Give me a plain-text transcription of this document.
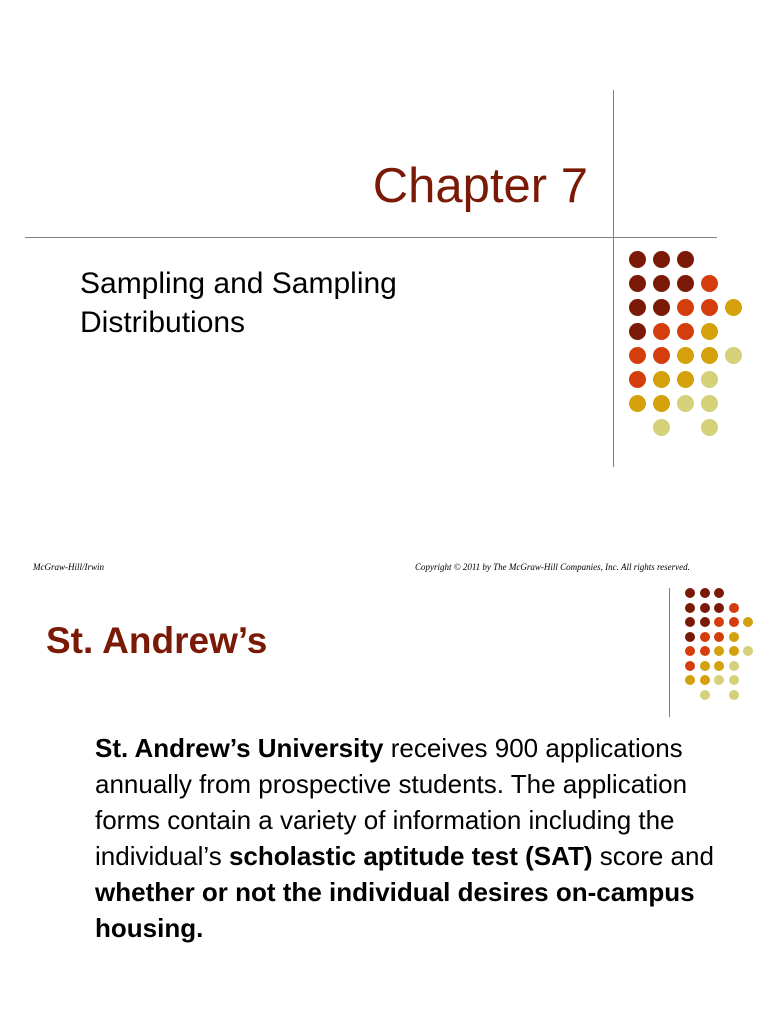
Chapter 7

Sampling and Sampling Distributions

McGraw-Hill/Irwin	Copyright © 2011 by The McGraw-Hill Companies, Inc. All rights reserved.
St. Andrew’s

St. Andrew’s University receives 900 applications annually from prospective students. The application forms contain a variety of information including the individual’s scholastic aptitude test (SAT) score and whether or not the individual desires on-campus housing.
